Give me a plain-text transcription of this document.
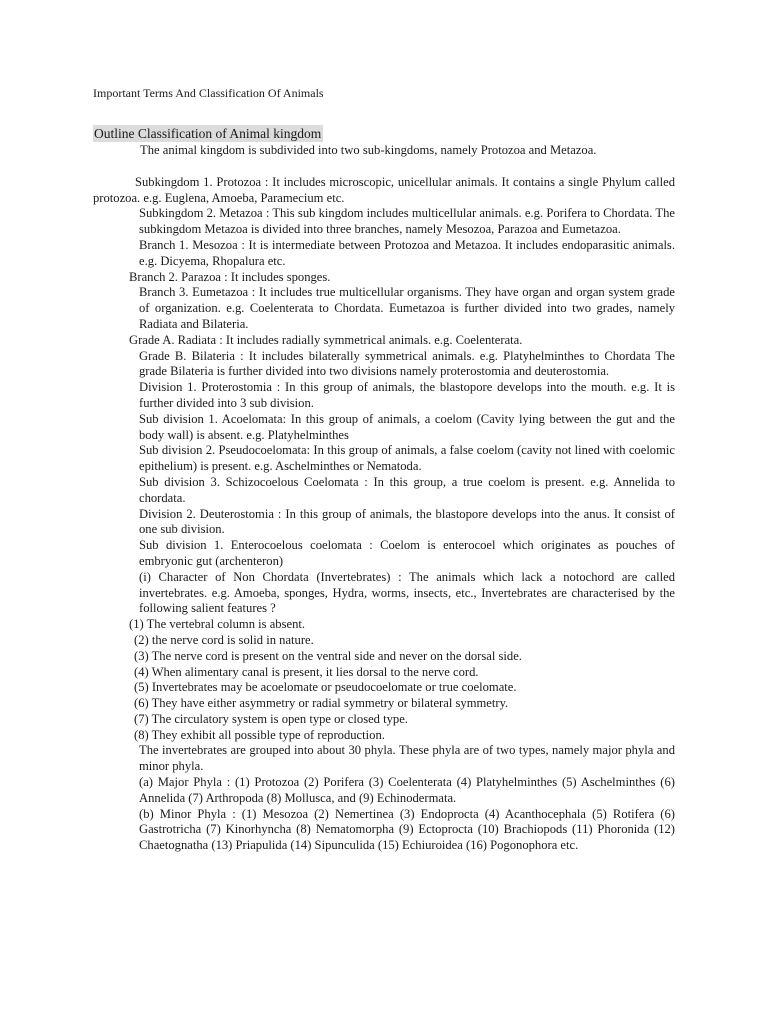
Important Terms And Classification Of Animals
Outline Classification of Animal kingdom

The animal kingdom is subdivided into two sub-kingdoms, namely Protozoa and Metazoa.

Subkingdom 1. Protozoa : It includes microscopic, unicellular animals. It contains a single Phylum called protozoa. e.g. Euglena, Amoeba, Paramecium etc.

Subkingdom 2. Metazoa : This sub kingdom includes multicellular animals. e.g. Porifera to Chordata. The subkingdom Metazoa is divided into three branches, namely Mesozoa, Parazoa and Eumetazoa.

Branch 1. Mesozoa : It is intermediate between Protozoa and Metazoa. It includes endoparasitic animals. e.g. Dicyema, Rhopalura etc.

Branch 2. Parazoa : It includes sponges.

Branch 3. Eumetazoa : It includes true multicellular organisms. They have organ and organ system grade of organization. e.g. Coelenterata to Chordata. Eumetazoa is further divided into two grades, namely Radiata and Bilateria.

Grade A. Radiata : It includes radially symmetrical animals. e.g. Coelenterata.

Grade B. Bilateria : It includes bilaterally symmetrical animals. e.g. Platyhelminthes to Chordata The grade Bilateria is further divided into two divisions namely proterostomia and deuterostomia.

Division 1. Proterostomia : In this group of animals, the blastopore develops into the mouth. e.g. It is further divided into 3 sub division.

Sub division 1. Acoelomata: In this group of animals, a coelom (Cavity lying between the gut and the body wall) is absent. e.g. Platyhelminthes

Sub division 2. Pseudocoelomata: In this group of animals, a false coelom (cavity not lined with coelomic epithelium) is present. e.g. Aschelminthes or Nematoda.

Sub division 3. Schizocoelous Coelomata : In this group, a true coelom is present. e.g. Annelida to chordata.

Division 2. Deuterostomia : In this group of animals, the blastopore develops into the anus. It consist of one sub division.

Sub division 1. Enterocoelous coelomata : Coelom is enterocoel which originates as pouches of embryonic gut (archenteron)

(i) Character of Non Chordata (Invertebrates) : The animals which lack a notochord are called invertebrates. e.g. Amoeba, sponges, Hydra, worms, insects, etc., Invertebrates are characterised by the following salient features ?

(1) The vertebral column is absent.

(2) the nerve cord is solid in nature.

(3) The nerve cord is present on the ventral side and never on the dorsal side.

(4) When alimentary canal is present, it lies dorsal to the nerve cord.

(5) Invertebrates may be acoelomate or pseudocoelomate or true coelomate.

(6) They have either asymmetry or radial symmetry or bilateral symmetry.

(7) The circulatory system is open type or closed type.

(8) They exhibit all possible type of reproduction.

The invertebrates are grouped into about 30 phyla. These phyla are of two types, namely major phyla and minor phyla.

(a) Major Phyla : (1) Protozoa (2) Porifera (3) Coelenterata (4) Platyhelminthes (5) Aschelminthes (6) Annelida (7) Arthropoda (8) Mollusca, and (9) Echinodermata.

(b) Minor Phyla : (1) Mesozoa (2) Nemertinea (3) Endoprocta (4) Acanthocephala (5) Rotifera (6) Gastrotricha (7) Kinorhyncha (8) Nematomorpha (9) Ectoprocta (10) Brachiopods (11) Phoronida (12) Chaetognatha (13) Priapulida (14) Sipunculida (15) Echiuroidea (16) Pogonophora etc.
